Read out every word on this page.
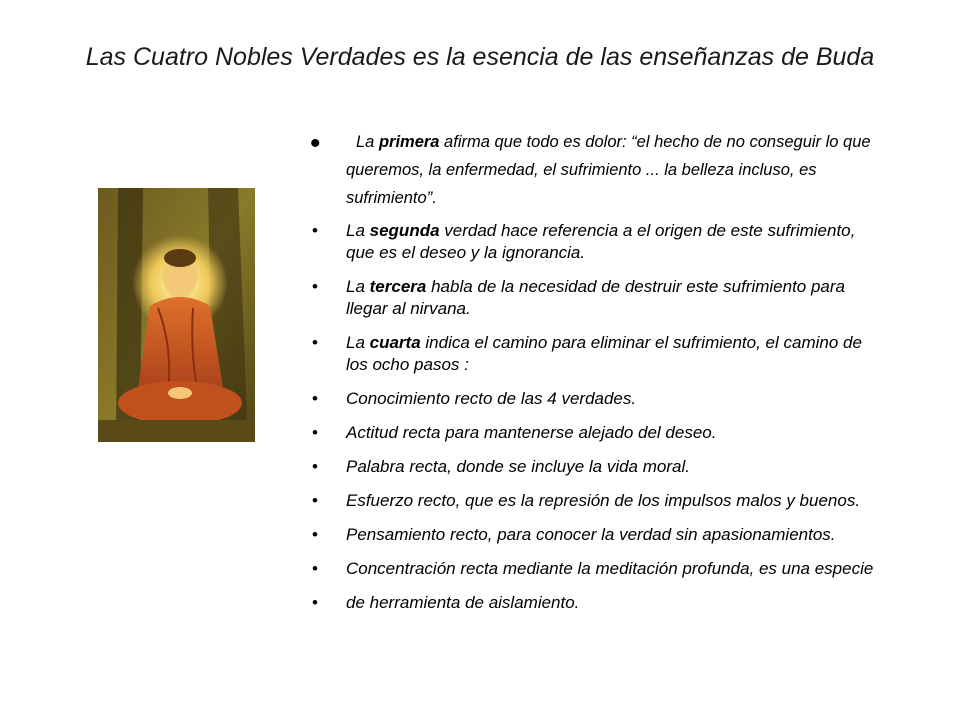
Las Cuatro Nobles Verdades es la esencia de las enseñanzas de Buda
• La primera afirma que todo es dolor: “el hecho de no conseguir lo que queremos, la enfermedad, el sufrimiento ... la belleza incluso, es sufrimiento”.
• La segunda verdad hace referencia a el origen de este sufrimiento, que es el deseo y la ignorancia.
• La tercera habla de la necesidad de destruir este sufrimiento para llegar al nirvana.
• La cuarta indica el camino para eliminar el sufrimiento, el camino de los ocho pasos :
• Conocimiento recto de las 4 verdades.
• Actitud recta para mantenerse alejado del deseo.
• Palabra recta, donde se incluye la vida moral.
• Esfuerzo recto, que es la represión de los impulsos malos y buenos.
• Pensamiento recto, para conocer la verdad sin apasionamientos.
• Concentración recta mediante la meditación profunda, es una especie
• de herramienta de aislamiento.
